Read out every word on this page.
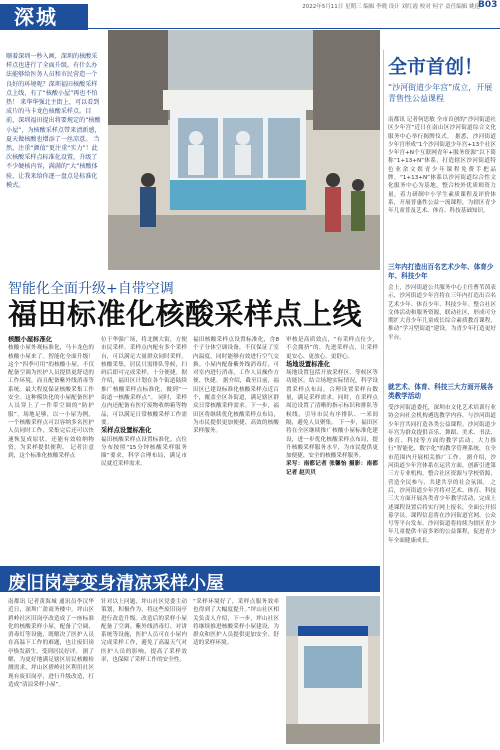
深城	2022年5月11日 星期三 编辑 李晓 设计 刘红霞 校对 何宇 责任编辑 姚伦
B03
顺着深圳一秒入画，深圳的核酸采样点也进行了全面升级。有什么办法能够给医务人员和市民营造一个良好的环境呢？深圳福田核酸采样点上线，有了“核酸小屋”再也不怕热！ 来华华强北主街上，可以看到成片的马卡龙色核酸采样点。目前，深圳福田提出将要规定的“核酸小屋”，为核酸采样点带来清新感，夏天做核酸也增添了一丝凉意。 当然，注重“颜值”更注重“实力”！此次核酸采样点标准化设置，升级了不少硬核内容，满满的“大”核酸体验，让我来给你逐一盘点是标准化模式。
全市首创！
“沙河街道少年宫”成立，开展青售性公益课程
南都讯 记者何思敏 全市首创的“沙河街道社区少年宫”近日在南山区沙河街道综合文化服务中心举行揭牌仪式。 据悉，沙河街道少年宫形成“1个沙河街道少年宫+13个社区少年宫+N个互联网青年+服务资源”以下简称“1+13+N”体系，打造辖区沙河街道特色业余文娱青少年课程免费手把品牌，“1+13+N”体系以沙河街道综合性文化服务中心为基地，整合校外优质师资力量，着力研制中小学生素质课程及评价体系，开展普惠性公益一流课程，为辖区青少年儿童普及艺术、体育、科技基础知识。
三年内打造出百名艺术少年、体育少年、科技少年
会上，沙河街道公共服务中心主任曹苇茵表示，沙河街道少年宫将在三年内打造出百名艺术少年、体育少年、科技少年。整合社区文体活动和服务资源，联动社区，形成可分期扩大青少年儿童成长综合素质教育课程，推动“学习型街道”建设，为青少年打造更好平台。
就艺术、体育、科技三大方面开展各类教学活动
受沙河街道委托，深圳市文化艺术培训行业协会向社会机构遴选教学内容，与沙河街道少年宫共同打造各类公益课程。沙河街道少年宫为群众提供音乐、舞蹈、美术、书法、体育、科技等方面的教学活动，大力推行“智能化、数字化”的教学管理系统，在全市范围内开展相关推广工作。 据介绍，沙河街道少年宫体系在运营方面，创新引进第三方专业机构，整合社区资源与学校资源，营造全民参与、共建共享的社会氛围。 之后，沙河街道少年宫将对艺术、体育、科技三大方面开展各类青少年教学活动，完成上述课程设置后将实行网上报名，全面公开招募学员，课程信息将在沙河街道官网、公众号等平台发布。沙河街道将持续为辖区青少年儿童提供丰富多彩的公益课程，促进青少年全面健康成长。
智能化全面升级+自带空调
福田标准化核酸采样点上线
核酸小屋标准化
核酸小屋外观标准化，马卡龙色的核酸小屋来了。智能化全面升级！这个“四季可用”的核酸小屋，不仅配备空调为医护人员提供更舒适的工作环境，而且配备紫外线消毒等系统。最大程度保证核酸采集工作安全。这种模块化的小屋配备医护人员穿上了一件带空调的“防护服”，场地足够，以一小屋为例，一个核酸采样点可以容纳多名医护人员同时工作，采集完后还可以快速恢复成原状，还能有效收纳物资，为采样提供便利。 记者注意到，这个标准化核酸采样点
位于华强广场，将北侧大街，方便市民采样。采样点内配有多个采样台，可以满足大量群众同时采样。核酸采集，居民只需排队等候，扫码后即可完成采样，十分便捷。据介绍，福田区计划在各个街道陆续推广核酸采样点标准化，做到“一街道一核酸采样点”。 同时，采样点内还配备有医疗废物收纳箱等物品，可以满足日常核酸采样工作需要。
采样点设置标准化
福田核酸采样点设置标准化。点位分布按照“15分钟核酸采样服务圈”要求，科学合理布局，满足市民就近采样需求。
福田核酸采样点设置标准化，含8个子分体空调设备，不仅保证了室内温度，同时能够有效进行空气交换。小屋内配备紫外线消毒灯，可对室内进行消毒，工作人员操作方便、快捷。 据介绍，截至目前，福田区已建设标准化核酸采样点近百个，覆盖全区各街道，满足辖区群众日常核酸采样需求。下一步，福田区将继续优化核酸采样点布局，为市民提供更加便捷、高效的核酸采样服务。
审核是高质效点，“有采样点位少，不会拥挤”的，先进采样点，让采样更安心、更放心、更舒心。
场地设置标准化
场地设置包括开放采样区、等候区等功能区。结合场地实际情况，科学设置采样点布局，合理设置采样台数量，满足采样需求。同时，在采样点周边设置了清晰的指示标识和排队等候线，引导市民有序排队、一米间隔，避免人员聚集。 下一步，福田区将在全区继续推广核酸小屋标准化建设，进一步优化核酸采样点布局，提升核酸采样服务水平，为市民提供更加便捷、安全的核酸采样服务。
采写：南都记者 张馨怡 摄影：南都记者 赵贝贝
废旧岗亭变身清凉采样小屋
南都讯 记者黄海城 通讯员李汉华 近日，深圳广盈商务楼中，坪山区碧岭社区旧岗亭改造成了一座标准化的核酸采样小屋，配备了空调、消毒灯等设施，既解决了医护人员在高温下工作的难题，也让废旧岗亭焕发新生，受到居民好评。 据了解，为更好地满足辖区居民核酸检测需求，坪山区碧岭社区利用社区现有废旧岗亭，进行升级改造，打造成“清凉采样小屋”。
针对以上问题，坪山社区党委主动策划，积极作为，将这些废旧岗亭进行改造升级。改造后的采样小屋配备了空调、紫外线消毒灯、对讲系统等设施，医护人员可在小屋内完成采样工作，避免了高温天气对医护人员的影响，提高了采样效率，也保障了采样工作的安全性。
“采样环境好了，采样点服务效率也得到了大幅度提升。”坪山社区相关负责人介绍，下一步，坪山社区将继续推进核酸采样小屋建设，为群众和医护人员提供更加安全、舒适的采样环境。
